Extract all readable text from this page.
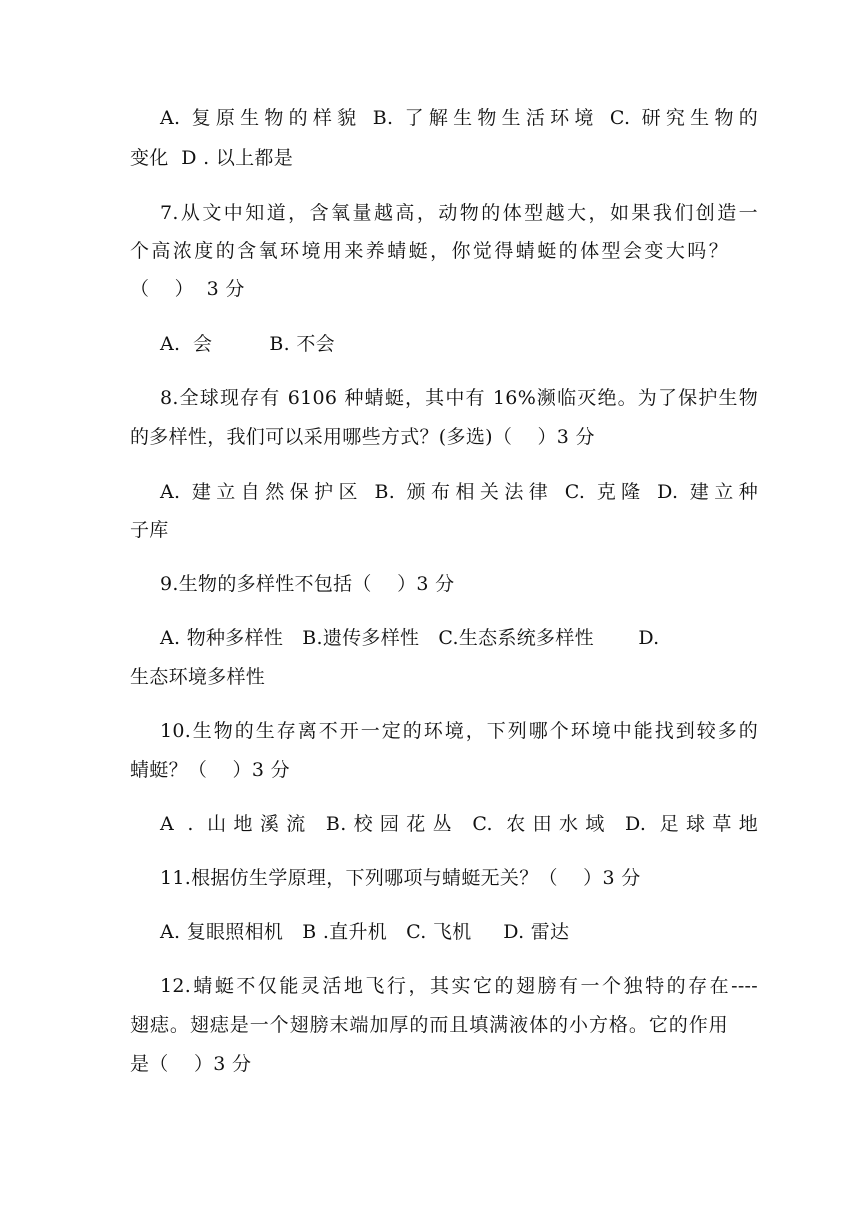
A. 复原生物的样貌 B. 了解生物生活环境 C. 研究生物的
变化  D . 以上都是
7.从文中知道，含氧量越高，动物的体型越大，如果我们创造一
个高浓度的含氧环境用来养蜻蜓，你觉得蜻蜓的体型会变大吗？
（    ）  3 分
A.  会         B. 不会
8.全球现存有 6106 种蜻蜓，其中有 16%濒临灭绝。为了保护生物
的多样性，我们可以采用哪些方式？(多选)（    ）3 分
A. 建立自然保护区 B. 颁布相关法律 C. 克隆 D. 建立种
子库
9.生物的多样性不包括（    ）3 分
A. 物种多样性   B.遗传多样性   C.生态系统多样性       D.
生态环境多样性
10.生物的生存离不开一定的环境，下列哪个环境中能找到较多的
蜻蜓？（    ）3 分
A . 山地溪流 B.校园花丛 C. 农田水域 D. 足球草地
11.根据仿生学原理，下列哪项与蜻蜓无关？（    ）3 分
A. 复眼照相机   B .直升机   C. 飞机     D. 雷达
12.蜻蜓不仅能灵活地飞行，其实它的翅膀有一个独特的存在----
翅痣。翅痣是一个翅膀末端加厚的而且填满液体的小方格。它的作用
是（    ）3 分
